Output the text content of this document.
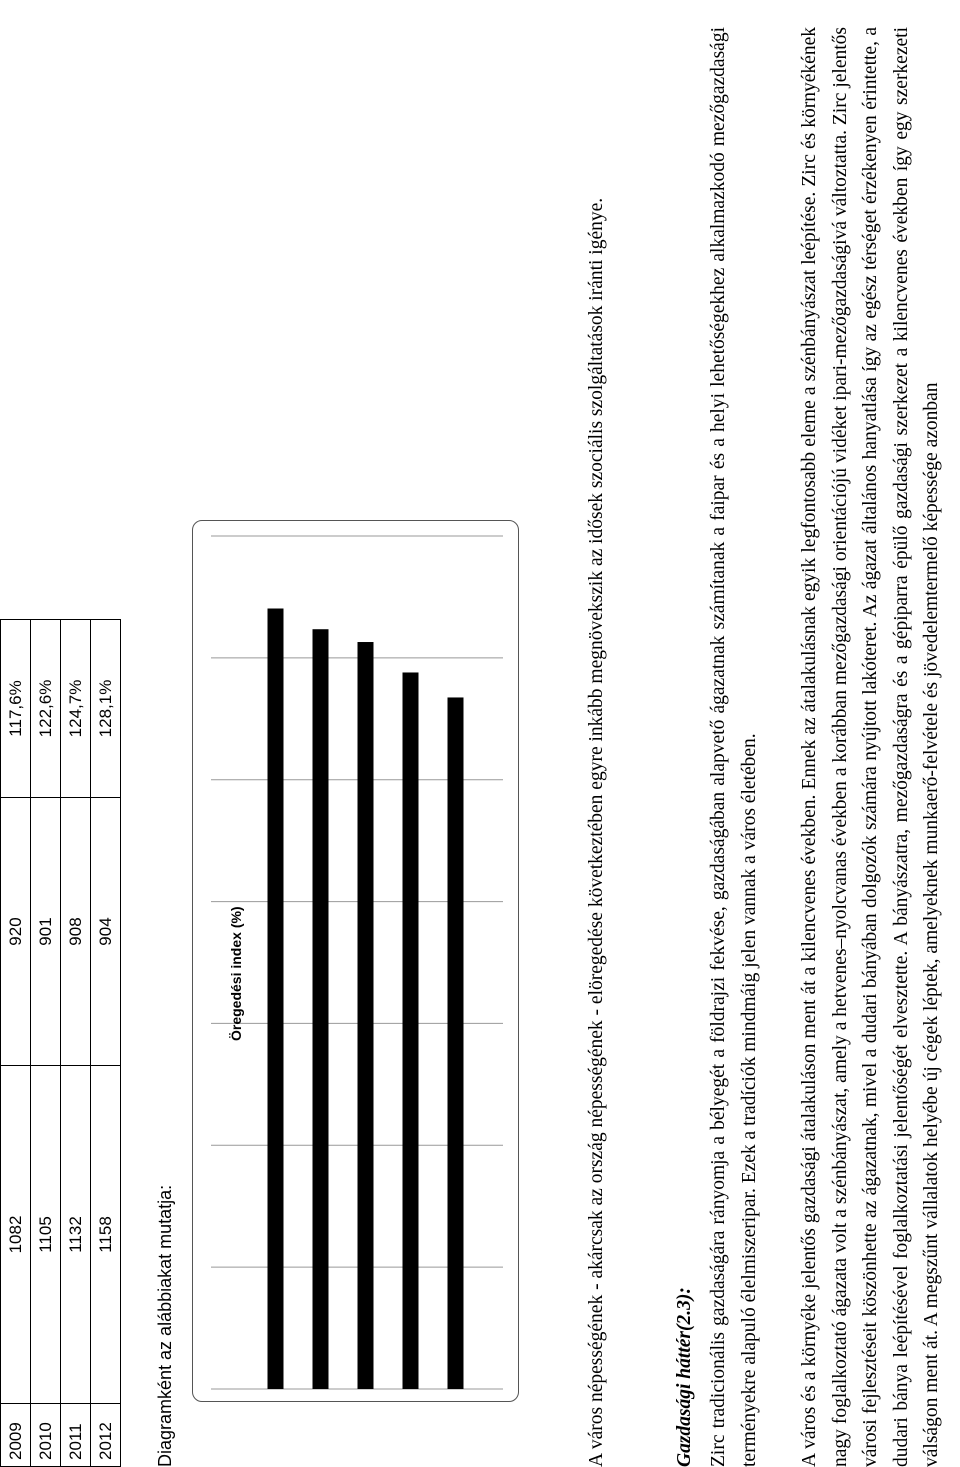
2009	1082	920	117,6%
2010	1105	901	122,6%
2011	1132	908	124,7%
2012	1158	904	128,1%
Diagramként az alábbiakat mutatja:
Öregedési index (%)	A város népességének - akárcsak az ország népességének - elöregedése következtében egyre inkább megnövekszik az idősek szociális szolgáltatások iránti igénye.	Gazdasági háttér(2.3): Zirc tradicionális gazdaságára rányomja a bélyegét a földrajzi fekvése, gazdaságában alapvető ágazatnak számítanak a faipar és a helyi lehetőségekhez alkalmazkodó mezőgazdasági terményekre alapuló élelmiszeripar. Ezek a tradíciók mindmáig jelen vannak a város életében. A város és a környéke jelentős gazdasági átalakuláson ment át a kilencvenes években. Ennek az átalakulásnak egyik legfontosabb eleme a szénbányászat leépítése. Zirc és környékének nagy foglalkoztató ágazata volt a szénbányászat, amely a hetvenes–nyolcvanas években a korábban mezőgazdasági orientációjú vidéket ipari-mezőgazdaságivá változtatta. Zirc jelentős városi fejlesztéseit köszönhette az ágazatnak, mivel a dudari bányában dolgozók számára nyújtott lakóteret. Az ágazat általános hanyatlása így az egész térséget érzékenyen érintette, a dudari bánya leépítésével foglalkoztatási jelentőségét elvesztette. A bányászatra, mezőgazdaságra és a gépiparra épülő gazdasági szerkezet a kilencvenes években így egy szerkezeti válságon ment át. A megszűnt vállalatok helyébe új cégek léptek, amelyeknek munkaerő-felvétele és jövedelemtermelő képessége azonban
